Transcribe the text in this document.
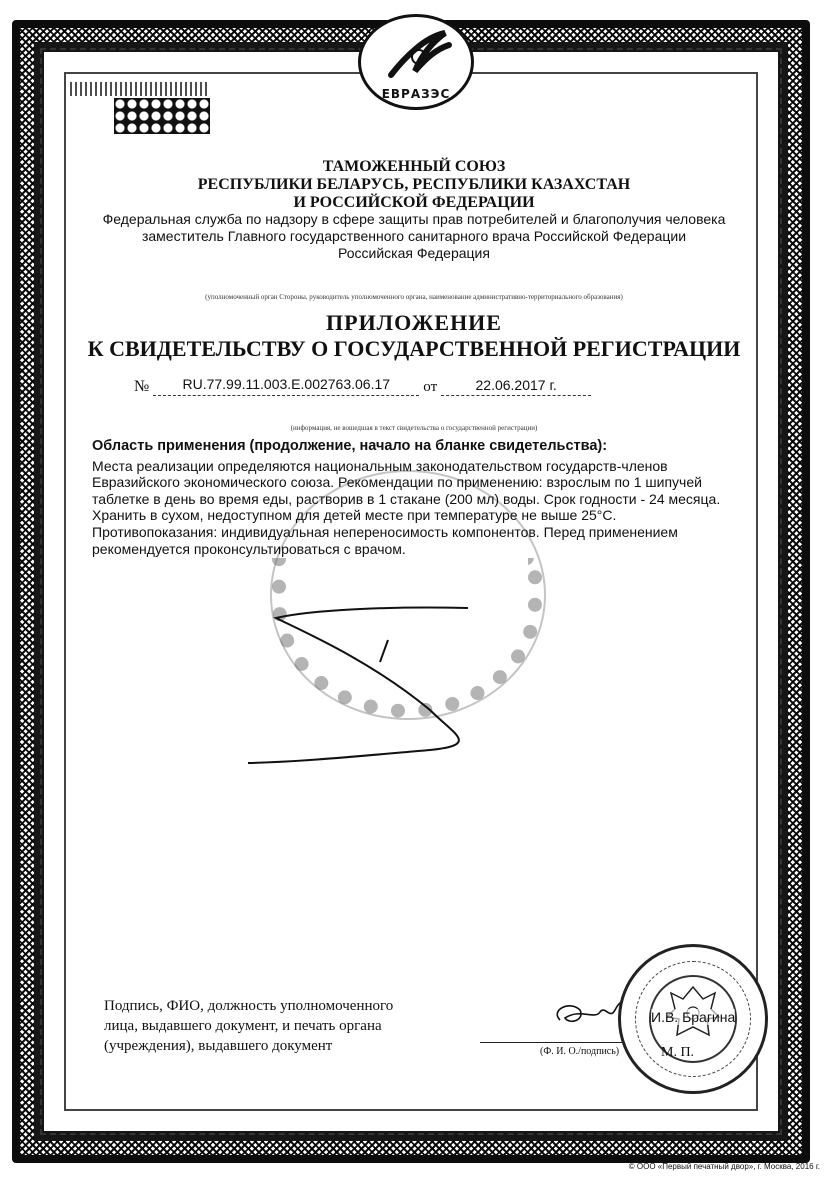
ЕВРАЗЭС
ТАМОЖЕННЫЙ СОЮЗ
РЕСПУБЛИКИ БЕЛАРУСЬ, РЕСПУБЛИКИ КАЗАХСТАН
И РОССИЙСКОЙ ФЕДЕРАЦИИ
Федеральная служба по надзору в сфере защиты прав потребителей и благополучия человека
заместитель Главного государственного санитарного врача Российской Федерации
Российская Федерация
(уполномоченный орган Стороны, руководитель уполномоченного органа, наименование административно-территориального образования)
ПРИЛОЖЕНИЕ
К СВИДЕТЕЛЬСТВУ О ГОСУДАРСТВЕННОЙ РЕГИСТРАЦИИ
№	RU.77.99.11.003.Е.002763.06.17	от	22.06.2017 г.
(информация, не вошедшая в текст свидетельства о государственной регистрации)
Область применения (продолжение, начало на бланке свидетельства):

Места реализации определяются национальным законодательством государств-членов

Евразийского экономического союза. Рекомендации по применению: взрослым по 1 шипучей

таблетке в день во время еды, растворив в 1 стакане (200 мл) воды. Срок годности - 24 месяца.

Хранить в сухом, недоступном для детей месте при температуре не выше 25°С.

Противопоказания: индивидуальная непереносимость компонентов. Перед применением

рекомендуется проконсультироваться с врачом.

Подпись, ФИО, должность уполномоченного

лица, выдавшего документ, и печать органа

(учреждения), выдавшего документ	(Ф. И. О./подпись)
И.В. Брагина
М. П.
© ООО «Первый печатный двор», г. Москва, 2016 г.
